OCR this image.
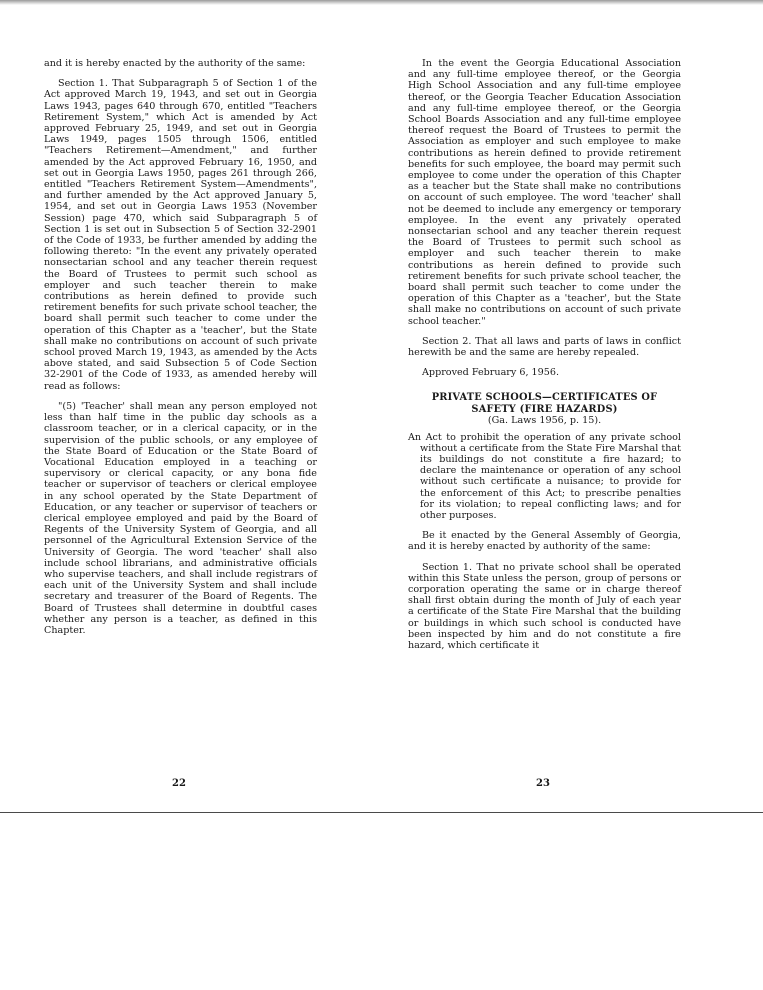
and it is hereby enacted by the authority of the same:

Section 1. That Subparagraph 5 of Section 1 of the Act approved March 19, 1943, and set out in Georgia Laws 1943, pages 640 through 670, entitled "Teachers Retirement System," which Act is amended by Act approved February 25, 1949, and set out in Georgia Laws 1949, pages 1505 through 1506, entitled "Teachers Retirement—Amendment," and further amended by the Act approved February 16, 1950, and set out in Georgia Laws 1950, pages 261 through 266, entitled "Teachers Retirement System—Amendments", and further amended by the Act approved January 5, 1954, and set out in Georgia Laws 1953 (November Session) page 470, which said Subparagraph 5 of Section 1 is set out in Subsection 5 of Section 32-2901 of the Code of 1933, be further amended by adding the following thereto: "In the event any privately operated nonsectarian school and any teacher therein request the Board of Trustees to permit such school as employer and such teacher therein to make contributions as herein defined to provide such retirement benefits for such private school teacher, the board shall permit such teacher to come under the operation of this Chapter as a 'teacher', but the State shall make no contributions on account of such private school proved March 19, 1943, as amended by the Acts above stated, and said Subsection 5 of Code Section 32-2901 of the Code of 1933, as amended hereby will read as follows:

"(5) 'Teacher' shall mean any person employed not less than half time in the public day schools as a classroom teacher, or in a clerical capacity, or in the supervision of the public schools, or any employee of the State Board of Education or the State Board of Vocational Education employed in a teaching or supervisory or clerical capacity, or any bona fide teacher or supervisor of teachers or clerical employee in any school operated by the State Department of Education, or any teacher or supervisor of teachers or clerical employee employed and paid by the Board of Regents of the University System of Georgia, and all personnel of the Agricultural Extension Service of the University of Georgia. The word 'teacher' shall also include school librarians, and administrative officials who supervise teachers, and shall include registrars of each unit of the University System and shall include secretary and treasurer of the Board of Regents. The Board of Trustees shall determine in doubtful cases whether any person is a teacher, as defined in this Chapter.

In the event the Georgia Educational Association and any full-time employee thereof, or the Georgia High School Association and any full-time employee thereof, or the Georgia Teacher Education Association and any full-time employee thereof, or the Georgia School Boards Association and any full-time employee thereof request the Board of Trustees to permit the Association as employer and such employee to make contributions as herein defined to provide retirement benefits for such employee, the board may permit such employee to come under the operation of this Chapter as a teacher but the State shall make no contributions on account of such employee. The word 'teacher' shall not be deemed to include any emergency or temporary employee. In the event any privately operated nonsectarian school and any teacher therein request the Board of Trustees to permit such school as employer and such teacher therein to make contributions as herein defined to provide such retirement benefits for such private school teacher, the board shall permit such teacher to come under the operation of this Chapter as a 'teacher', but the State shall make no contributions on account of such private school teacher."

Section 2. That all laws and parts of laws in conflict herewith be and the same are hereby repealed.

Approved February 6, 1956.

PRIVATE SCHOOLS—CERTIFICATES OF SAFETY (FIRE HAZARDS)

(Ga. Laws 1956, p. 15).

An Act to prohibit the operation of any private school without a certificate from the State Fire Marshal that its buildings do not constitute a fire hazard; to declare the maintenance or operation of any school without such certificate a nuisance; to provide for the enforcement of this Act; to prescribe penalties for its violation; to repeal conflicting laws; and for other purposes.

Be it enacted by the General Assembly of Georgia, and it is hereby enacted by authority of the same:

Section 1. That no private school shall be operated within this State unless the person, group of persons or corporation operating the same or in charge thereof shall first obtain during the month of July of each year a certificate of the State Fire Marshal that the building or buildings in which such school is conducted have been inspected by him and do not constitute a fire hazard, which certificate it

22	23
